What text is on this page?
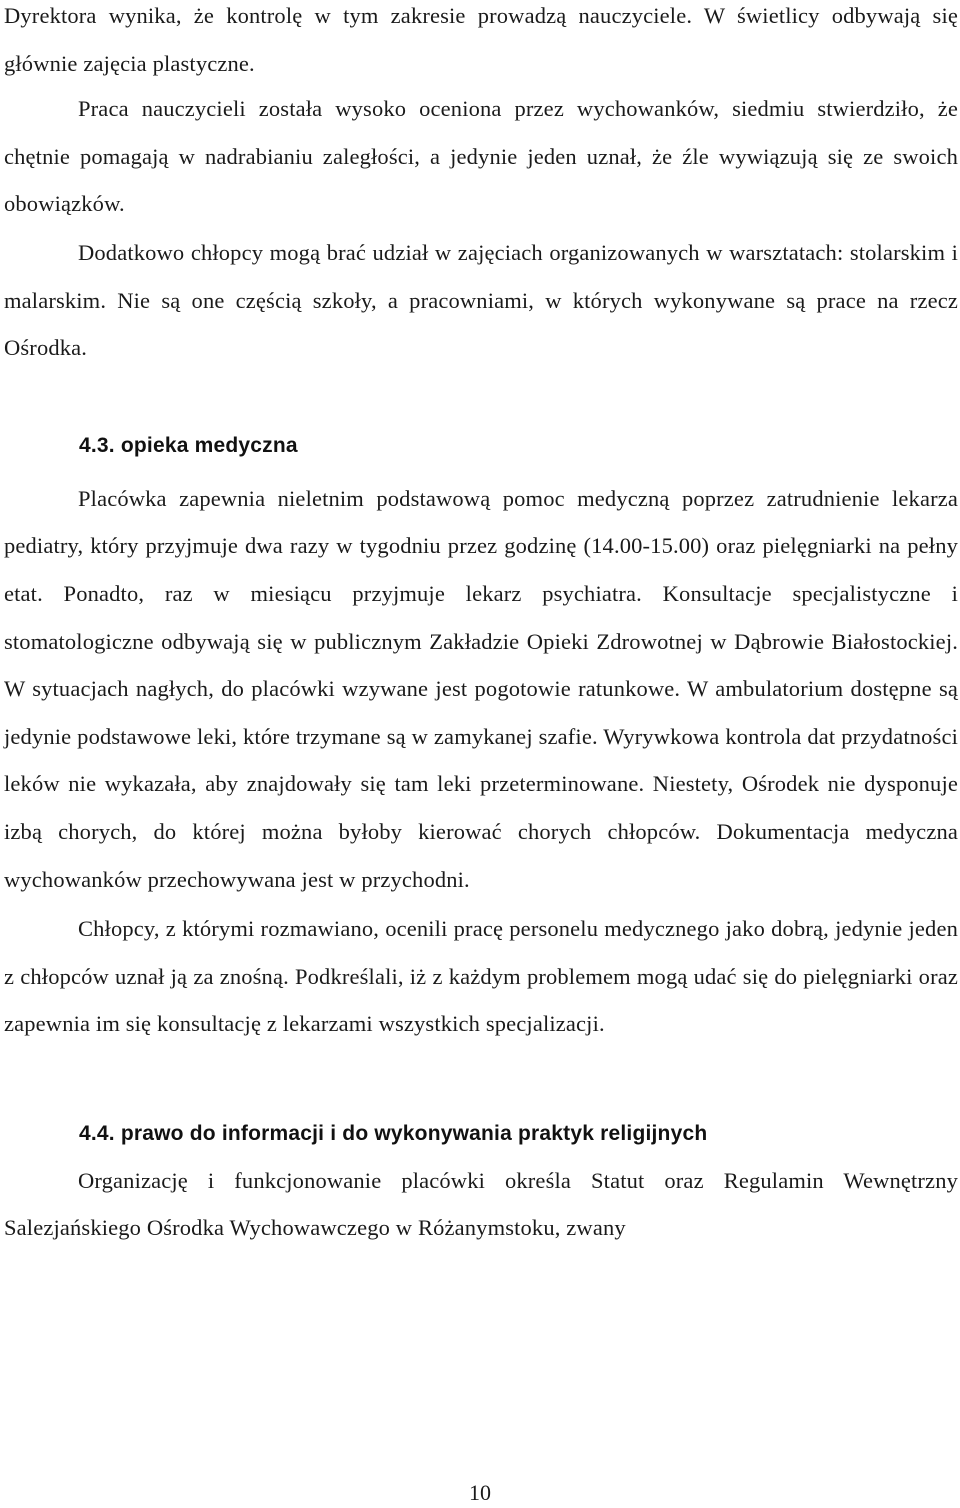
Dyrektora wynika, że kontrolę w tym zakresie prowadzą nauczyciele. W świetlicy odbywają się głównie zajęcia plastyczne.

Praca nauczycieli została wysoko oceniona przez wychowanków, siedmiu stwierdziło, że chętnie pomagają w nadrabianiu zaległości, a jedynie jeden uznał, że źle wywiązują się ze swoich obowiązków.

Dodatkowo chłopcy mogą brać udział w zajęciach organizowanych w warsztatach: stolarskim i malarskim. Nie są one częścią szkoły, a pracowniami, w których wykonywane są prace na rzecz Ośrodka.

4.3. opieka medyczna

Placówka zapewnia nieletnim podstawową pomoc medyczną poprzez zatrudnienie lekarza pediatry, który przyjmuje dwa razy w tygodniu przez godzinę (14.00-15.00) oraz pielęgniarki na pełny etat. Ponadto, raz w miesiącu przyjmuje lekarz psychiatra. Konsultacje specjalistyczne i stomatologiczne odbywają się w publicznym Zakładzie Opieki Zdrowotnej w Dąbrowie Białostockiej. W sytuacjach nagłych, do placówki wzywane jest pogotowie ratunkowe. W ambulatorium dostępne są jedynie podstawowe leki, które trzymane są w zamykanej szafie. Wyrywkowa kontrola dat przydatności leków nie wykazała, aby znajdowały się tam leki przeterminowane. Niestety, Ośrodek nie dysponuje izbą chorych, do której można byłoby kierować chorych chłopców. Dokumentacja medyczna wychowanków przechowywana jest w przychodni.

Chłopcy, z którymi rozmawiano, ocenili pracę personelu medycznego jako dobrą, jedynie jeden z chłopców uznał ją za znośną. Podkreślali, iż z każdym problemem mogą udać się do pielęgniarki oraz zapewnia im się konsultację z lekarzami wszystkich specjalizacji.

4.4. prawo do informacji i do wykonywania praktyk religijnych

Organizację i funkcjonowanie placówki określa Statut oraz Regulamin Wewnętrzny Salezjańskiego Ośrodka Wychowawczego w Różanymstoku, zwany

10
